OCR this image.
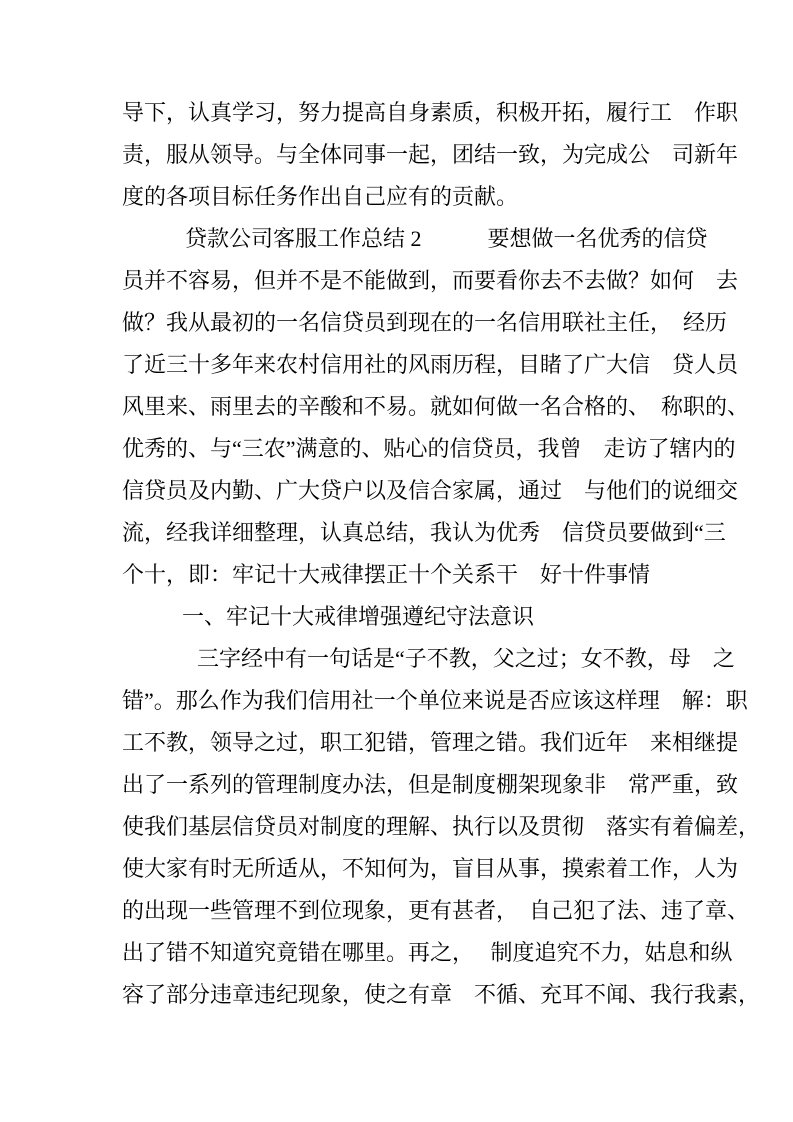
导下，认真学习，努力提高自身素质，积极开拓，履行工　作职
责，服从领导。与全体同事一起，团结一致，为完成公　司新年
度的各项目标任务作出自己应有的贡献。
贷款公司客服工作总结 2　　　要想做一名优秀的信贷
员并不容易，但并不是不能做到，而要看你去不去做？如何　去
做？我从最初的一名信贷员到现在的一名信用联社主任，　经历
了近三十多年来农村信用社的风雨历程，目睹了广大信　贷人员
风里来、雨里去的辛酸和不易。就如何做一名合格的、　称职的、
优秀的、与“三农”满意的、贴心的信贷员，我曾　走访了辖内的
信贷员及内勤、广大贷户以及信合家属，通过　与他们的说细交
流，经我详细整理，认真总结，我认为优秀　信贷员要做到“三
个十，即：牢记十大戒律摆正十个关系干　好十件事情
一、牢记十大戒律增强遵纪守法意识
三字经中有一句话是“子不教，父之过；女不教，母　之
错”。那么作为我们信用社一个单位来说是否应该这样理　解：职
工不教，领导之过，职工犯错，管理之错。我们近年　来相继提
出了一系列的管理制度办法，但是制度棚架现象非　常严重，致
使我们基层信贷员对制度的理解、执行以及贯彻　落实有着偏差，
使大家有时无所适从，不知何为，盲目从事，摸索着工作，人为
的出现一些管理不到位现象，更有甚者，　自己犯了法、违了章、
出了错不知道究竟错在哪里。再之，　 制度追究不力，姑息和纵
容了部分违章违纪现象，使之有章　不循、充耳不闻、我行我素，
